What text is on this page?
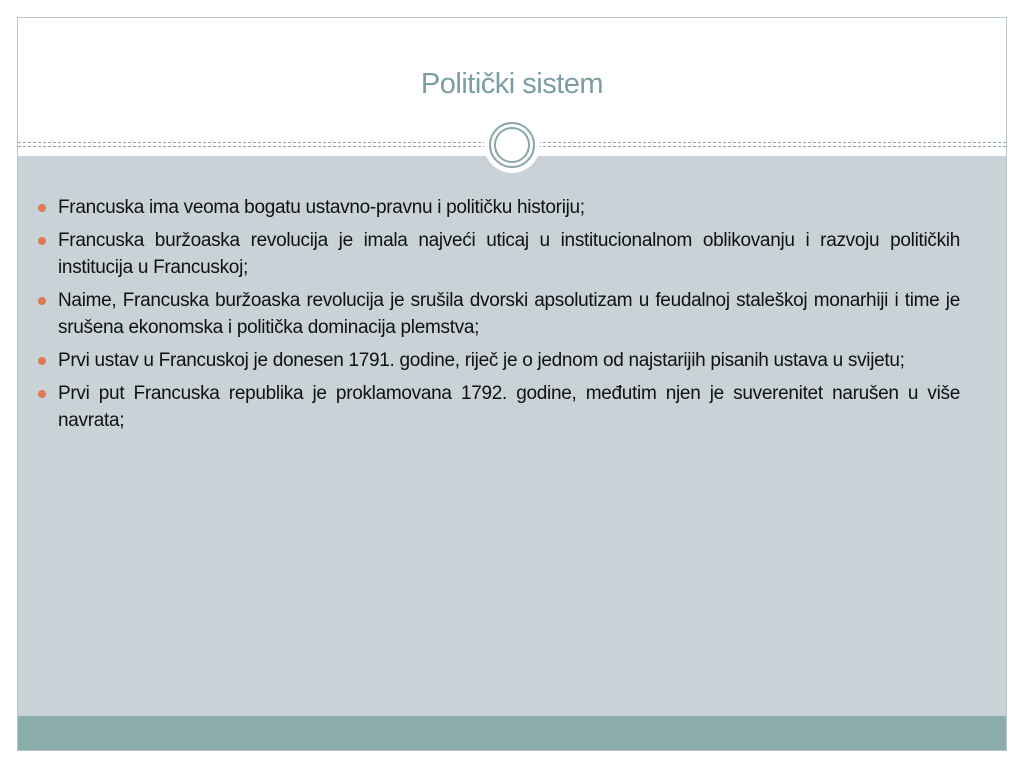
Politički sistem
Francuska ima veoma bogatu ustavno-pravnu i političku historiju;
Francuska buržoaska revolucija je imala najveći uticaj u institucionalnom oblikovanju i razvoju političkih institucija u Francuskoj;
Naime, Francuska buržoaska revolucija je srušila dvorski apsolutizam u feudalnoj staleškoj monarhiji i time je srušena ekonomska i politička dominacija plemstva;
Prvi ustav u Francuskoj je donesen 1791. godine, riječ je o jednom od najstarijih pisanih ustava u svijetu;
Prvi put Francuska republika je proklamovana 1792. godine, međutim njen je suverenitet narušen u više navrata;
